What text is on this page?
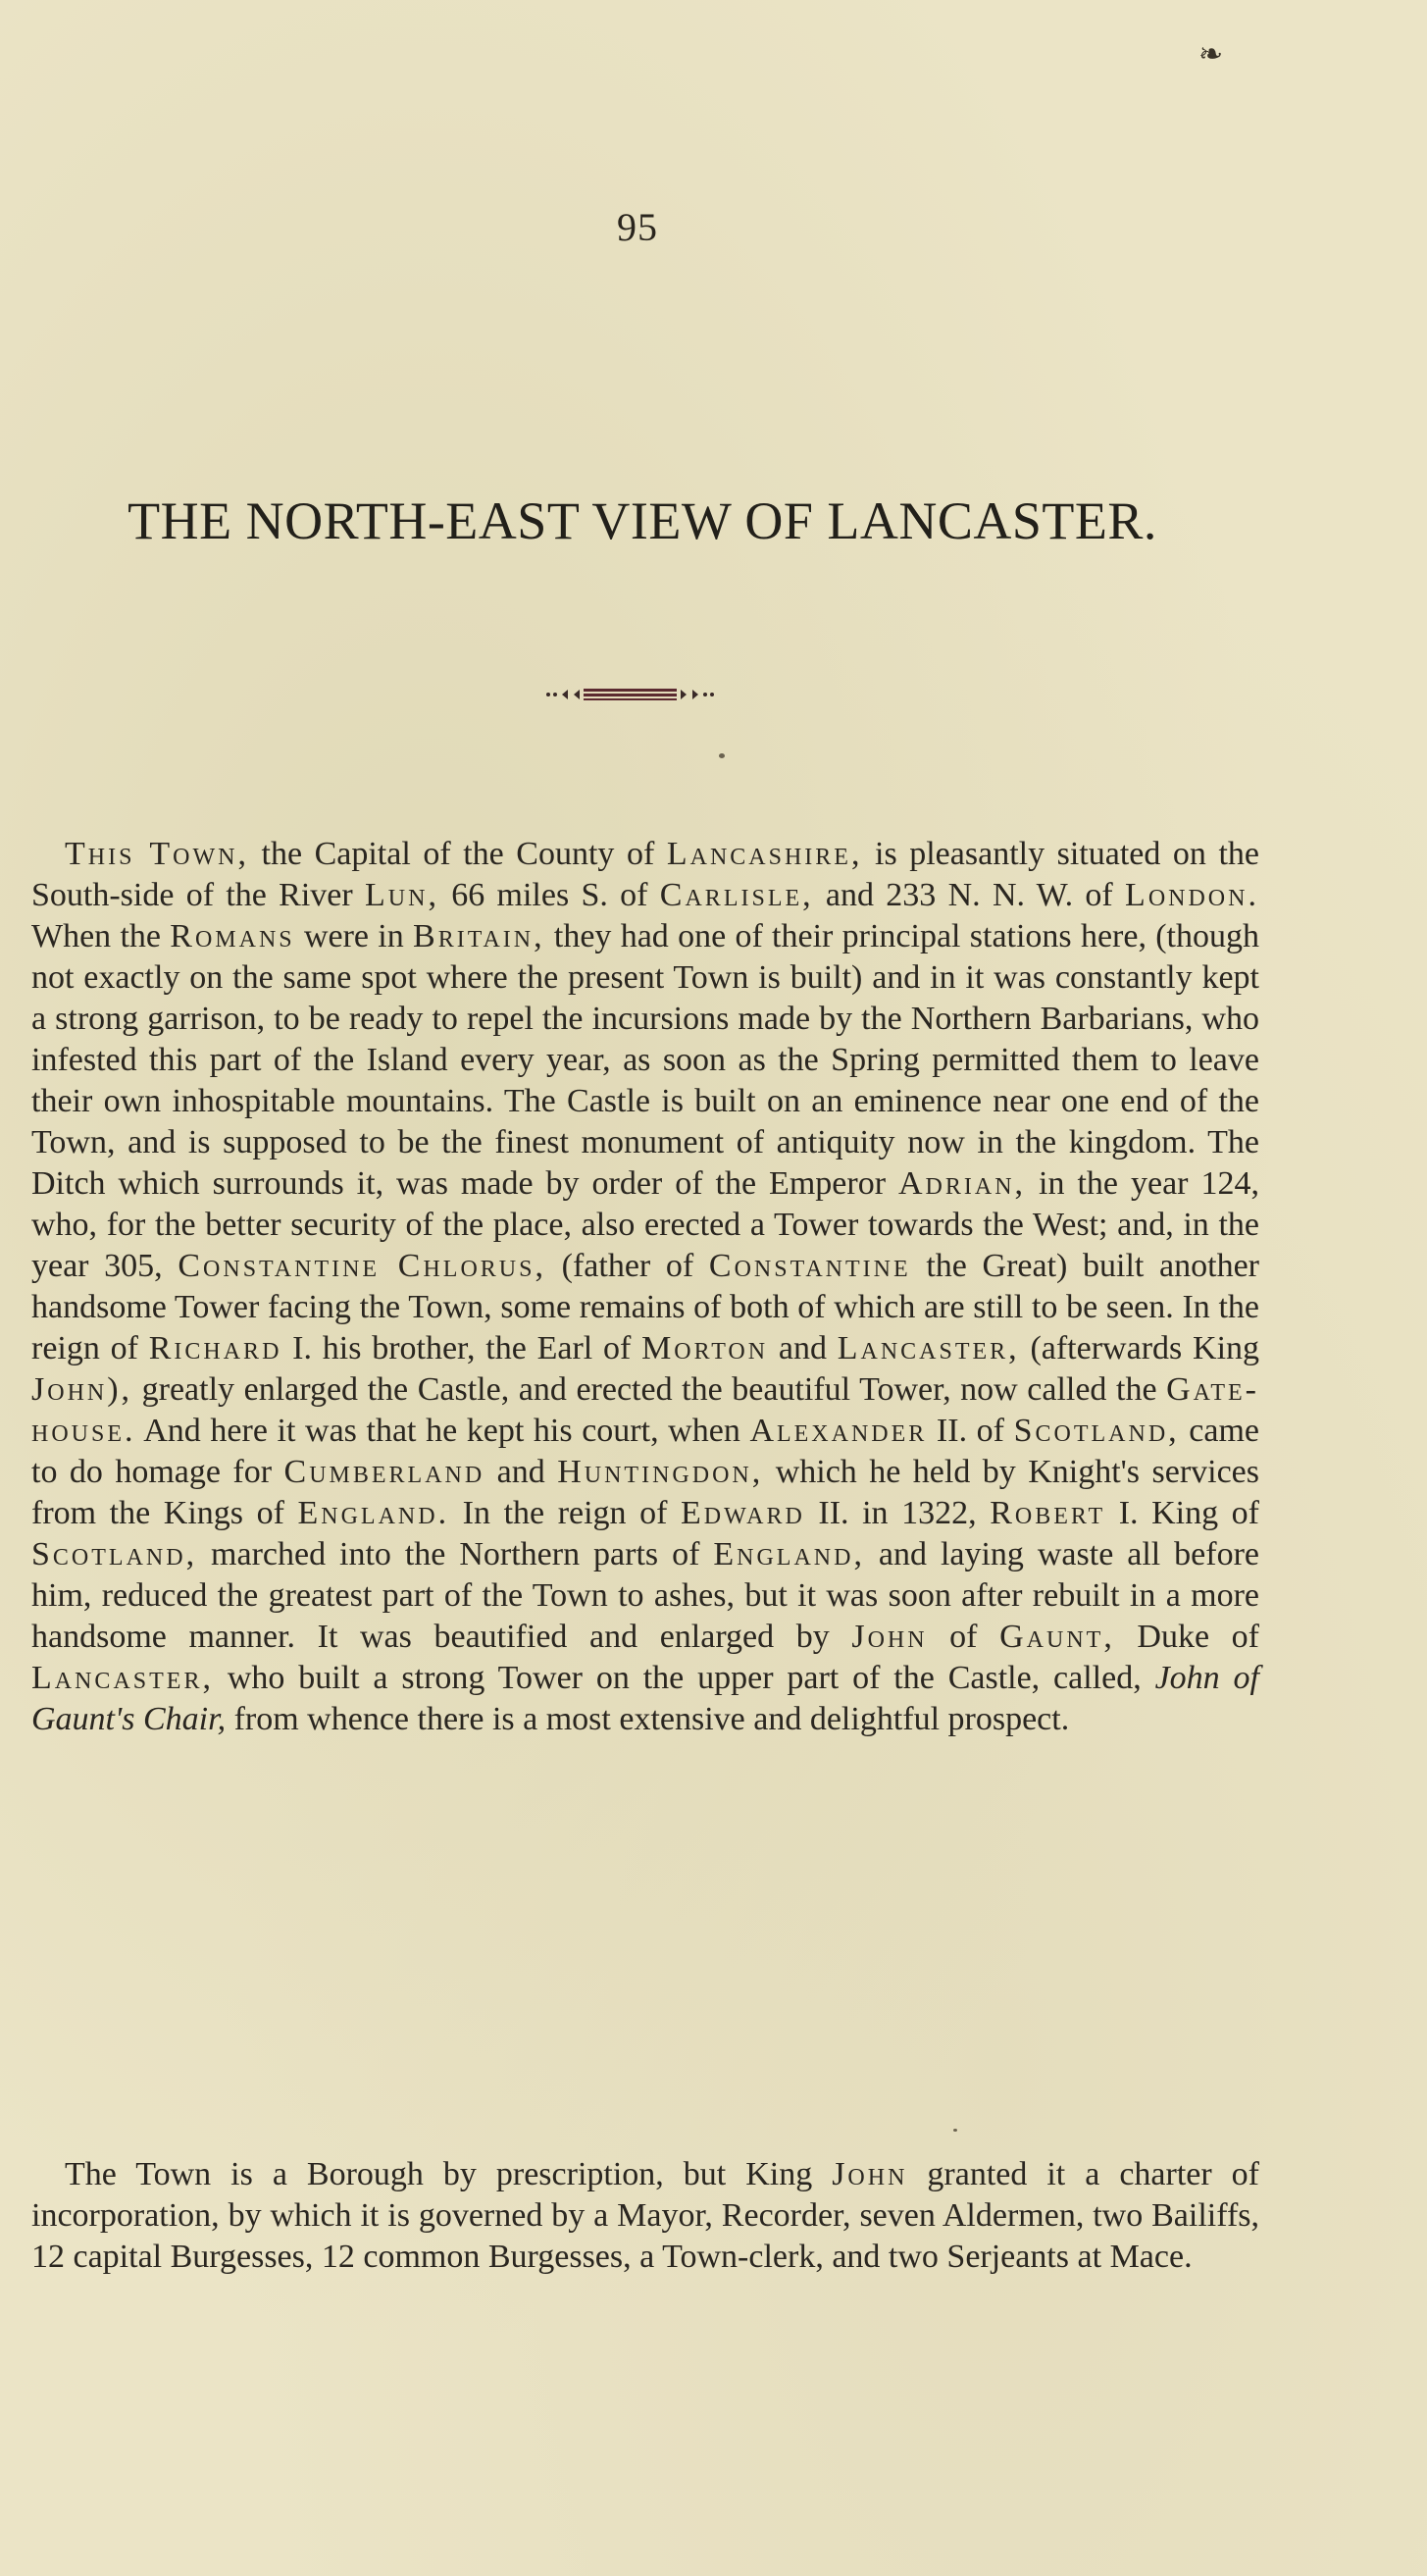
❧
95
THE NORTH-EAST VIEW OF LANCASTER.

This Town, the Capital of the County of Lancashire, is pleasantly situated on the South-side of the River Lun, 66 miles S. of Carlisle, and 233 N. N. W. of London. When the Romans were in Britain, they had one of their principal stations here, (though not exactly on the same spot where the present Town is built) and in it was constantly kept a strong garrison, to be ready to repel the incursions made by the Northern Barbarians, who infested this part of the Island every year, as soon as the Spring permitted them to leave their own inhospitable mountains. The Castle is built on an eminence near one end of the Town, and is supposed to be the finest monument of antiquity now in the kingdom. The Ditch which surrounds it, was made by order of the Emperor Adrian, in the year 124, who, for the better security of the place, also erected a Tower towards the West; and, in the year 305, Constantine Chlorus, (father of Constantine the Great) built another handsome Tower facing the Town, some remains of both of which are still to be seen. In the reign of Richard I. his brother, the Earl of Morton and Lancaster, (afterwards King John), greatly enlarged the Castle, and erected the beautiful Tower, now called the Gate-house. And here it was that he kept his court, when Alexander II. of Scotland, came to do homage for Cumberland and Huntingdon, which he held by Knight's services from the Kings of England. In the reign of Edward II. in 1322, Robert I. King of Scotland, marched into the Northern parts of England, and laying waste all before him, reduced the greatest part of the Town to ashes, but it was soon after rebuilt in a more handsome manner. It was beautified and enlarged by John of Gaunt, Duke of Lancaster, who built a strong Tower on the upper part of the Castle, called, John of Gaunt's Chair, from whence there is a most extensive and delightful prospect.

The Town is a Borough by prescription, but King John granted it a charter of incorporation, by which it is governed by a Mayor, Recorder, seven Aldermen, two Bailiffs, 12 capital Burgesses, 12 common Burgesses, a Town-clerk, and two Serjeants at Mace.
